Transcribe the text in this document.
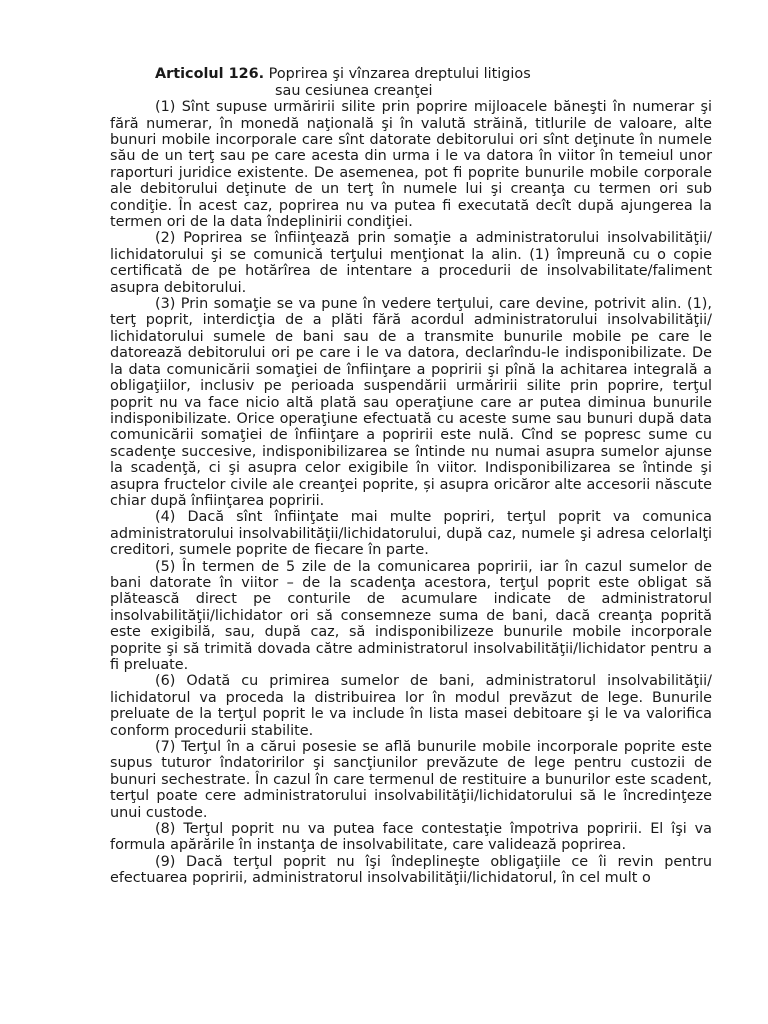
Articolul 126. Poprirea şi vînzarea dreptului litigios
sau cesiunea creanţei

(1) Sînt supuse urmăririi silite prin poprire mijloacele băneşti în numerar şi fără numerar, în monedă naţională şi în valută străină, titlurile de valoare, alte bunuri mobile incorporale care sînt datorate debitorului ori sînt deţinute în numele său de un terţ sau pe care acesta din urma i le va datora în viitor în temeiul unor raporturi juridice existente. De asemenea, pot fi poprite bunurile mobile corporale ale debitorului deţinute de un terţ în numele lui şi creanţa cu termen ori sub condiţie. În acest caz, poprirea nu va putea fi executată decît după ajungerea la termen ori de la data îndeplinirii condiţiei.

(2) Poprirea se înfiinţează prin somaţie a administratorului insolvabilităţii/ lichidatorului şi se comunică terţului menţionat la alin. (1) împreună cu o copie certificată de pe hotărîrea de intentare a procedurii de insolvabilitate/faliment asupra debitorului.

(3) Prin somaţie se va pune în vedere terţului, care devine, potrivit alin. (1), terţ poprit, interdicţia de a plăti fără acordul administratorului insolvabilităţii/ lichidatorului sumele de bani sau de a transmite bunurile mobile pe care le datorează debitorului ori pe care i le va datora, declarîndu-le indisponibilizate. De la data comunicării somaţiei de înfiinţare a popririi şi pînă la achitarea integrală a obligaţiilor, inclusiv pe perioada suspendării urmăririi silite prin poprire, terţul poprit nu va face nicio altă plată sau operaţiune care ar putea diminua bunurile indisponibilizate. Orice operaţiune efectuată cu aceste sume sau bunuri după data comunicării somaţiei de înfiinţare a popririi este nulă. Cînd se popresc sume cu scadenţe succesive, indisponibilizarea se întinde nu numai asupra sumelor ajunse la scadenţă, ci şi asupra celor exigibile în viitor. Indisponibilizarea se întinde şi asupra fructelor civile ale creanţei poprite, și asupra oricăror alte accesorii născute chiar după înfiinţarea popririi.

(4) Dacă sînt înfiinţate mai multe popriri, terţul poprit va comunica administratorului insolvabilităţii/lichidatorului, după caz, numele şi adresa celorlalţi creditori, sumele poprite de fiecare în parte.

(5) În termen de 5 zile de la comunicarea popririi, iar în cazul sumelor de bani datorate în viitor – de la scadenţa acestora, terţul poprit este obligat să plătească direct pe conturile de acumulare indicate de administratorul insolvabilităţii/lichidator ori să consemneze suma de bani, dacă creanţa poprită este exigibilă, sau, după caz, să indisponibilizeze bunurile mobile incorporale poprite şi să trimită dovada către administratorul insolvabilităţii/lichidator pentru a fi preluate.

(6) Odată cu primirea sumelor de bani, administratorul insolvabilităţii/ lichidatorul va proceda la distribuirea lor în modul prevăzut de lege. Bunurile preluate de la terţul poprit le va include în lista masei debitoare şi le va valorifica conform procedurii stabilite.

(7) Terţul în a cărui posesie se află bunurile mobile incorporale poprite este supus tuturor îndatoririlor şi sancţiunilor prevăzute de lege pentru custozii de bunuri sechestrate. În cazul în care termenul de restituire a bunurilor este scadent, terţul poate cere administratorului insolvabilităţii/lichidatorului să le încredinţeze unui custode.

(8) Terţul poprit nu va putea face contestaţie împotriva popririi. El îşi va formula apărările în instanţa de insolvabilitate, care validează poprirea.

(9) Dacă terţul poprit nu îşi îndeplineşte obligaţiile ce îi revin pentru efectuarea popririi, administratorul insolvabilităţii/lichidatorul, în cel mult o
